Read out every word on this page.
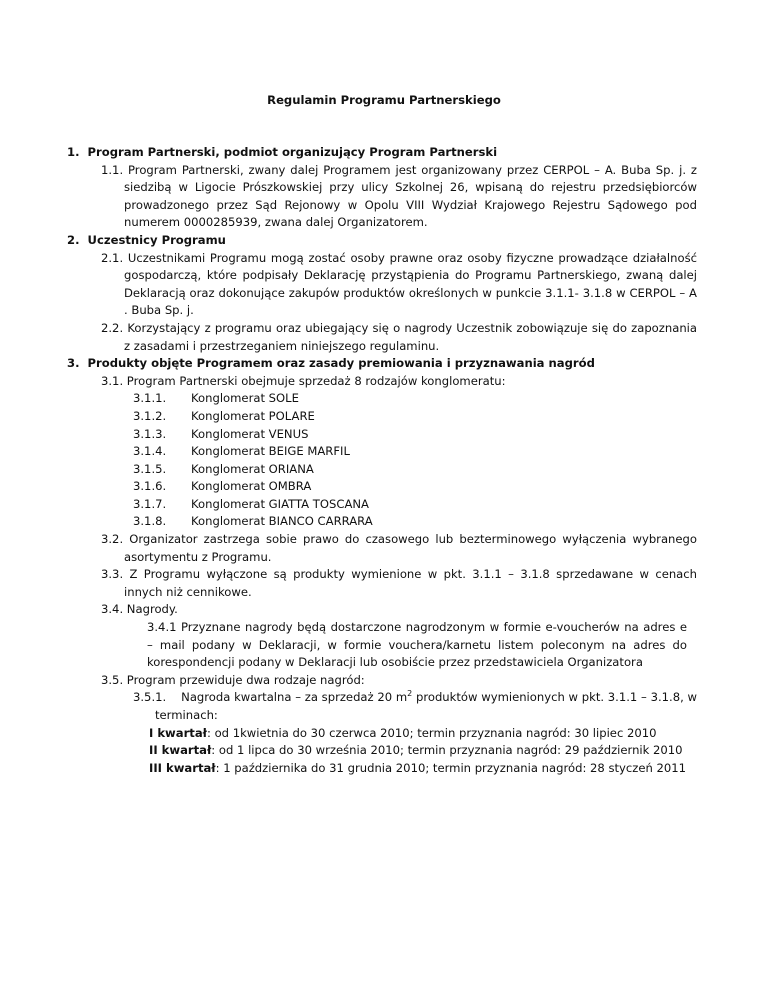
Regulamin Programu Partnerskiego
1.  Program Partnerski, podmiot organizujący Program Partnerski
1.1. Program Partnerski, zwany dalej Programem jest organizowany przez CERPOL – A. Buba Sp. j. z siedzibą w Ligocie Prószkowskiej przy ulicy Szkolnej 26, wpisaną do rejestru przedsiębiorców prowadzonego przez Sąd Rejonowy w Opolu VIII Wydział Krajowego Rejestru Sądowego pod numerem 0000285939, zwana dalej Organizatorem.
2.  Uczestnicy Programu
2.1. Uczestnikami Programu mogą zostać osoby prawne oraz osoby fizyczne prowadzące działalność gospodarczą, które podpisały Deklarację przystąpienia do Programu Partnerskiego, zwaną dalej Deklaracją oraz dokonujące zakupów produktów określonych w punkcie 3.1.1- 3.1.8 w CERPOL – A . Buba Sp. j.
2.2. Korzystający z programu oraz ubiegający się o nagrody Uczestnik zobowiązuje się do zapoznania z zasadami i przestrzeganiem niniejszego regulaminu.
3.  Produkty objęte Programem oraz zasady premiowania i przyznawania nagród
3.1. Program Partnerski obejmuje sprzedaż 8 rodzajów konglomeratu:
3.1.1. Konglomerat SOLE
3.1.2. Konglomerat POLARE
3.1.3. Konglomerat VENUS
3.1.4. Konglomerat BEIGE MARFIL
3.1.5. Konglomerat ORIANA
3.1.6. Konglomerat OMBRA
3.1.7. Konglomerat GIATTA TOSCANA
3.1.8. Konglomerat BIANCO CARRARA
3.2. Organizator zastrzega sobie prawo do czasowego lub bezterminowego wyłączenia wybranego asortymentu z Programu.
3.3. Z Programu wyłączone są produkty wymienione w pkt. 3.1.1 – 3.1.8 sprzedawane w cenach innych niż cennikowe.
3.4. Nagrody.
3.4.1 Przyznane nagrody będą dostarczone nagrodzonym w formie e-voucherów na adres e – mail podany w Deklaracji, w formie vouchera/karnetu listem poleconym na adres do korespondencji podany w Deklaracji lub osobiście przez przedstawiciela Organizatora
3.5. Program przewiduje dwa rodzaje nagród:
3.5.1.    Nagroda kwartalna – za sprzedaż 20 $m^2$ produktów wymienionych w pkt. 3.1.1 – 3.1.8, w terminach:
I kwartał: od 1kwietnia do 30 czerwca 2010; termin przyznania nagród: 30 lipiec 2010
II kwartał: od 1 lipca do 30 września 2010; termin przyznania nagród: 29 październik 2010
III kwartał: 1 października do 31 grudnia 2010; termin przyznania nagród: 28 styczeń 2011
